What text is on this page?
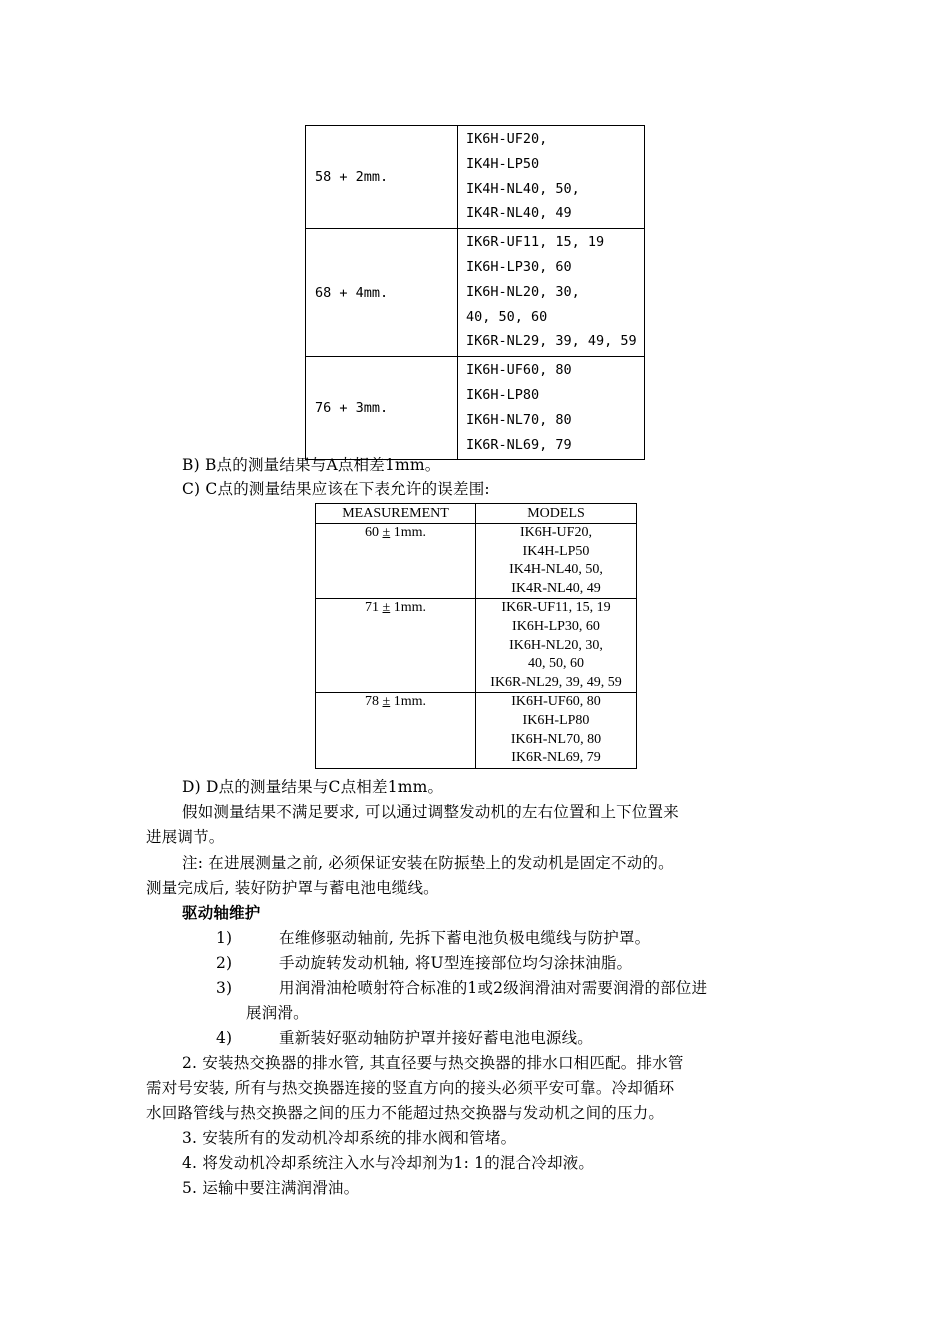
58 + 2mm.	IK6H-UF20,
IK4H-LP50
IK4H-NL40, 50,
IK4R-NL40, 49

68 + 4mm.	IK6R-UF11, 15, 19
IK6H-LP30, 60
IK6H-NL20, 30,
40, 50, 60
IK6R-NL29, 39, 49, 59

76 + 3mm.	IK6H-UF60, 80
IK6H-LP80
IK6H-NL70, 80
IK6R-NL69, 79
B) B点的测量结果与A点相差1mm。
C) C点的测量结果应该在下表允许的误差围:
MEASUREMENT	MODELS
60 ± 1mm.	IK6H-UF20,
IK4H-LP50
IK4H-NL40, 50,
IK4R-NL40, 49

71 ± 1mm.	IK6R-UF11, 15, 19
IK6H-LP30, 60
IK6H-NL20, 30,
40, 50, 60
IK6R-NL29, 39, 49, 59

78 ± 1mm.	IK6H-UF60, 80
IK6H-LP80
IK6H-NL70, 80
IK6R-NL69, 79
D) D点的测量结果与C点相差1mm。
假如测量结果不满足要求, 可以通过调整发动机的左右位置和上下位置来
进展调节。
注: 在进展测量之前, 必须保证安装在防振垫上的发动机是固定不动的。
测量完成后, 装好防护罩与蓄电池电缆线。
驱动轴维护
1)	在维修驱动轴前, 先拆下蓄电池负极电缆线与防护罩。
2)	手动旋转发动机轴, 将U型连接部位均匀涂抹油脂。
3)	用润滑油枪喷射符合标准的1或2级润滑油对需要润滑的部位进
展润滑。
4)	重新装好驱动轴防护罩并接好蓄电池电源线。
2. 安装热交换器的排水管, 其直径要与热交换器的排水口相匹配。排水管
需对号安装, 所有与热交换器连接的竖直方向的接头必须平安可靠。冷却循环
水回路管线与热交换器之间的压力不能超过热交换器与发动机之间的压力。
3. 安装所有的发动机冷却系统的排水阀和管堵。
4. 将发动机冷却系统注入水与冷却剂为1: 1的混合冷却液。
5. 运输中要注满润滑油。
